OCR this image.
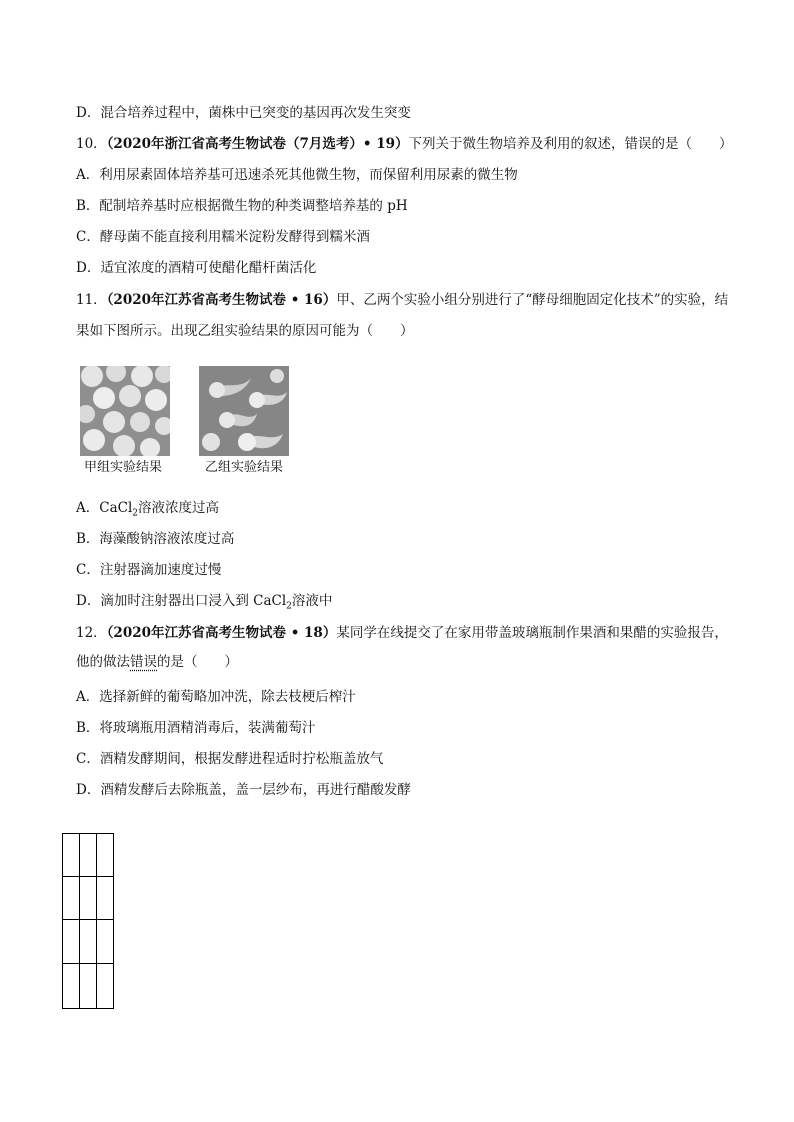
D．混合培养过程中，菌株中已突变的基因再次发生突变
10．（2020年浙江省高考生物试卷（7月选考）• 19）下列关于微生物培养及利用的叙述，错误的是（　　）
A．利用尿素固体培养基可迅速杀死其他微生物，而保留利用尿素的微生物
B．配制培养基时应根据微生物的种类调整培养基的 pH
C．酵母菌不能直接利用糯米淀粉发酵得到糯米酒
D．适宜浓度的酒精可使醋化醋杆菌活化
11．（2020年江苏省高考生物试卷 • 16）甲、乙两个实验小组分别进行了“酵母细胞固定化技术”的实验，结
果如下图所示。出现乙组实验结果的原因可能为（　　）
甲组实验结果	乙组实验结果
A．CaCl$_2$溶液浓度过高
B．海藻酸钠溶液浓度过高
C．注射器滴加速度过慢
D．滴加时注射器出口浸入到 CaCl$_2$溶液中
12．（2020年江苏省高考生物试卷 • 18）某同学在线提交了在家用带盖玻璃瓶制作果酒和果醋的实验报告，
他的做法错误的是（　　）
A．选择新鲜的葡萄略加冲洗，除去枝梗后榨汁
B．将玻璃瓶用酒精消毒后，装满葡萄汁
C．酒精发酵期间，根据发酵进程适时拧松瓶盖放气
D．酒精发酵后去除瓶盖，盖一层纱布，再进行醋酸发酵
